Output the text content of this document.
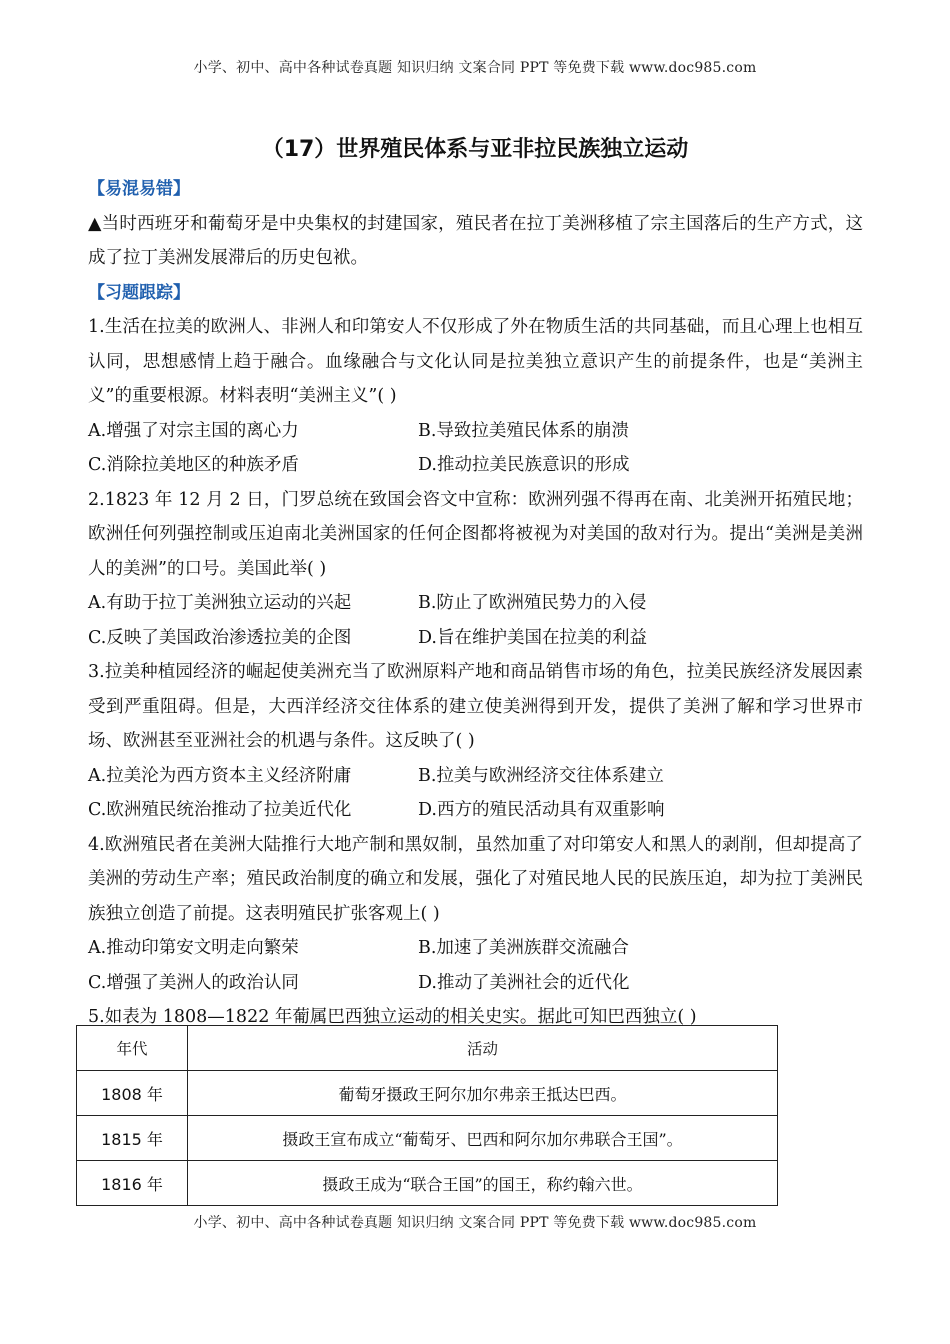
小学、初中、高中各种试卷真题 知识归纳 文案合同 PPT 等免费下载 www.doc985.com
（17）世界殖民体系与亚非拉民族独立运动

【易混易错】

▲当时西班牙和葡萄牙是中央集权的封建国家，殖民者在拉丁美洲移植了宗主国落后的生产方式，这成了拉丁美洲发展滞后的历史包袱。

【习题跟踪】

1.生活在拉美的欧洲人、非洲人和印第安人不仅形成了外在物质生活的共同基础，而且心理上也相互认同，思想感情上趋于融合。血缘融合与文化认同是拉美独立意识产生的前提条件，也是“美洲主义”的重要根源。材料表明“美洲主义”( )

A.增强了对宗主国的离心力	B.导致拉美殖民体系的崩溃
C.消除拉美地区的种族矛盾	D.推动拉美民族意识的形成

2.1823 年 12 月 2 日，门罗总统在致国会咨文中宣称：欧洲列强不得再在南、北美洲开拓殖民地；欧洲任何列强控制或压迫南北美洲国家的任何企图都将被视为对美国的敌对行为。提出“美洲是美洲人的美洲”的口号。美国此举( )

A.有助于拉丁美洲独立运动的兴起	B.防止了欧洲殖民势力的入侵
C.反映了美国政治渗透拉美的企图	D.旨在维护美国在拉美的利益

3.拉美种植园经济的崛起使美洲充当了欧洲原料产地和商品销售市场的角色，拉美民族经济发展因素受到严重阻碍。但是，大西洋经济交往体系的建立使美洲得到开发，提供了美洲了解和学习世界市场、欧洲甚至亚洲社会的机遇与条件。这反映了( )

A.拉美沦为西方资本主义经济附庸	B.拉美与欧洲经济交往体系建立
C.欧洲殖民统治推动了拉美近代化	D.西方的殖民活动具有双重影响

4.欧洲殖民者在美洲大陆推行大地产制和黑奴制，虽然加重了对印第安人和黑人的剥削，但却提高了美洲的劳动生产率；殖民政治制度的确立和发展，强化了对殖民地人民的民族压迫，却为拉丁美洲民族独立创造了前提。这表明殖民扩张客观上( )

A.推动印第安文明走向繁荣	B.加速了美洲族群交流融合
C.增强了美洲人的政治认同	D.推动了美洲社会的近代化

5.如表为 1808—1822 年葡属巴西独立运动的相关史实。据此可知巴西独立( )

年代	活动
1808 年	葡萄牙摄政王阿尔加尔弗亲王抵达巴西。
1815 年	摄政王宣布成立“葡萄牙、巴西和阿尔加尔弗联合王国”。
1816 年	摄政王成为“联合王国”的国王，称约翰六世。
小学、初中、高中各种试卷真题 知识归纳 文案合同 PPT 等免费下载 www.doc985.com
